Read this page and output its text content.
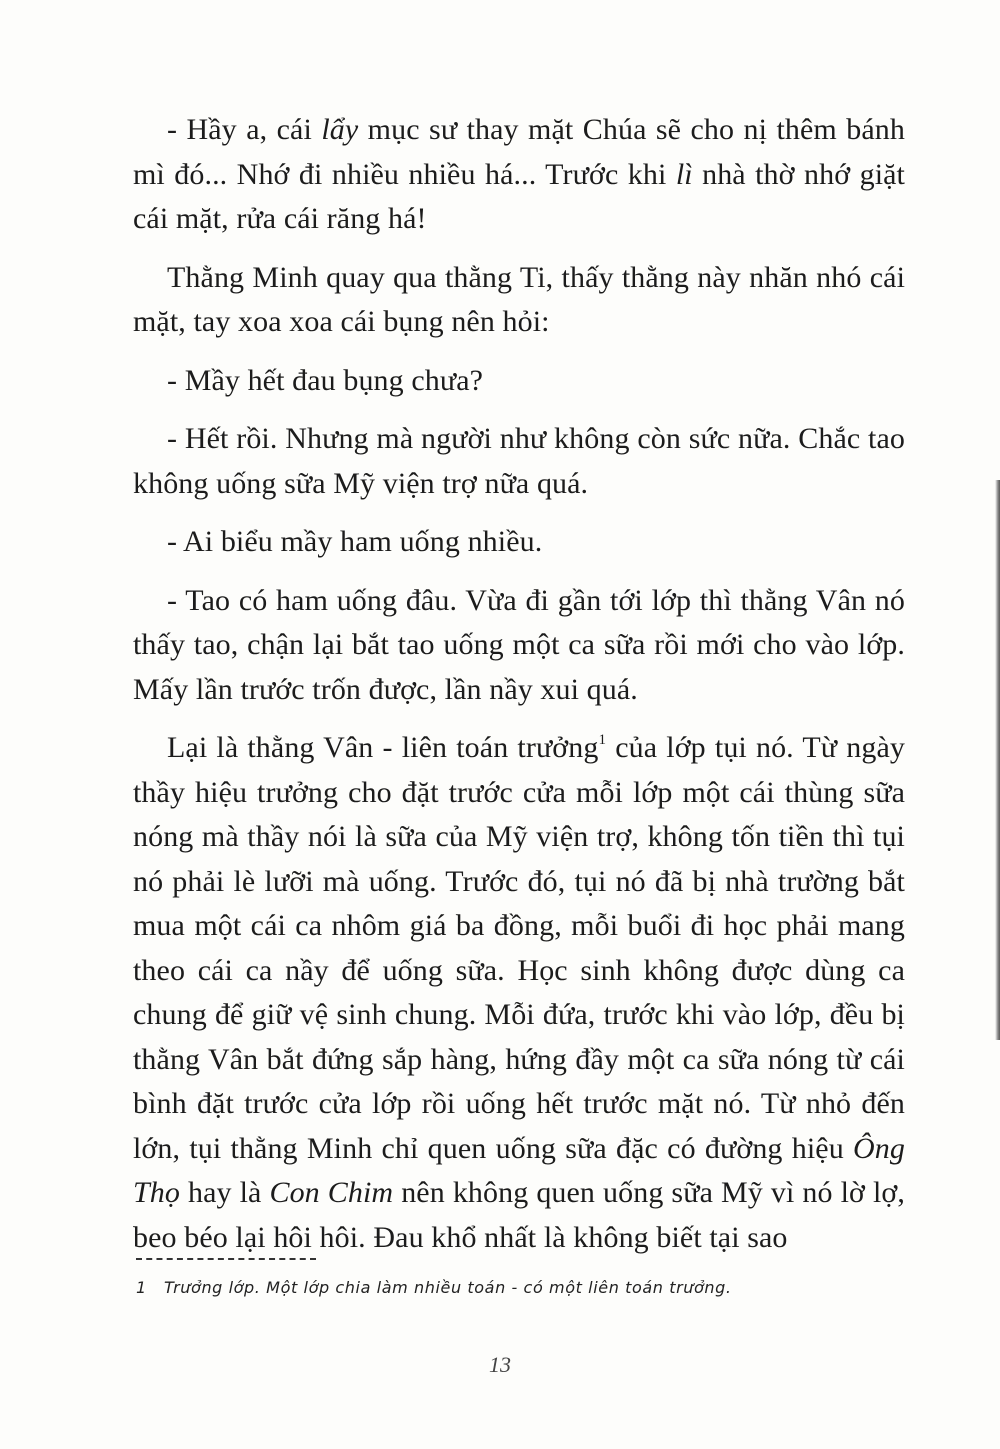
- Hầy a, cái lẩy mục sư thay mặt Chúa sẽ cho nị thêm bánh mì đó... Nhớ đi nhiều nhiều há... Trước khi lì nhà thờ nhớ giặt cái mặt, rửa cái răng há!

Thằng Minh quay qua thằng Ti, thấy thằng này nhăn nhó cái mặt, tay xoa xoa cái bụng nên hỏi:

- Mầy hết đau bụng chưa?

- Hết rồi. Nhưng mà người như không còn sức nữa. Chắc tao không uống sữa Mỹ viện trợ nữa quá.

- Ai biểu mầy ham uống nhiều.

- Tao có ham uống đâu. Vừa đi gần tới lớp thì thằng Vân nó thấy tao, chận lại bắt tao uống một ca sữa rồi mới cho vào lớp. Mấy lần trước trốn được, lần nầy xui quá.

Lại là thằng Vân - liên toán trưởng$^1$ của lớp tụi nó. Từ ngày thầy hiệu trưởng cho đặt trước cửa mỗi lớp một cái thùng sữa nóng mà thầy nói là sữa của Mỹ viện trợ, không tốn tiền thì tụi nó phải lè lưỡi mà uống. Trước đó, tụi nó đã bị nhà trường bắt mua một cái ca nhôm giá ba đồng, mỗi buổi đi học phải mang theo cái ca nầy để uống sữa. Học sinh không được dùng ca chung để giữ vệ sinh chung. Mỗi đứa, trước khi vào lớp, đều bị thằng Vân bắt đứng sắp hàng, hứng đầy một ca sữa nóng từ cái bình đặt trước cửa lớp rồi uống hết trước mặt nó. Từ nhỏ đến lớn, tụi thằng Minh chỉ quen uống sữa đặc có đường hiệu Ông Thọ hay là Con Chim nên không quen uống sữa Mỹ vì nó lờ lợ, beo béo lại hôi hôi. Đau khổ nhất là không biết tại sao

1 Trưởng lớp. Một lớp chia làm nhiều toán - có một liên toán trưởng.
13
